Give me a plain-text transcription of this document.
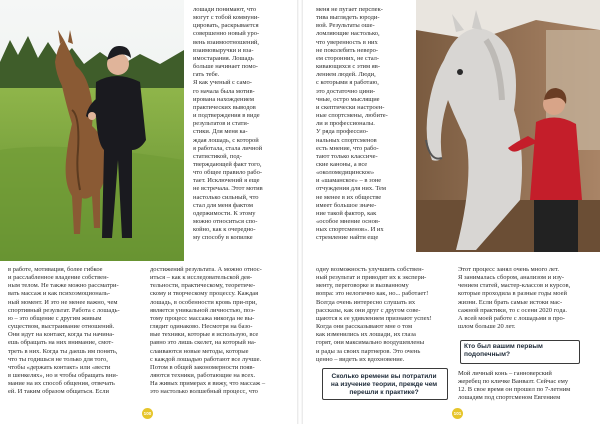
в работе, мотивация, более гибкое
и расслабленное владение собствен-
ным телом. Не также можно рассматри-
вать массаж и как психоэмоциональ-
ный момент. И это не менее важно, чем
спортивный результат. Работа с лошадь-
ю – это общение с другим живым
существом, выстраивание отношений.
Они идут на контакт, когда ты начина-
ешь обращать на них внимание, смот-
треть в них. Когда ты даешь им понять,
что ты годишься не только для того,
чтобы «держать контакт» или «вести
в шенкелях», но и чтобы обращать вни-
мание на их способ общения, отвечать
ей. И таким образом общаться. Если
лошади понимают, что
могут с тобой коммуни-
цировать, раскрывается
совершенно новый уро-
вень взаимоотношений,
взаимовыручки и вза-
имостарания. Лошадь
больше начинает помо-
гать тебе.
Я как ученый с само-
го начала была мотив-
ирована нахождением
практических выводов
и подтверждения в виде
результатов и стати-
стики. Для меня ка-
ждая лошадь, с которой
я работала, стала личной
статистикой, под-
тверждающей факт того,
что общее правило рабо-
тает. Исключений я еще
не встречала. Этот мотив
настолько сильный, что
стал для меня фактом
одержимости. К этому
можно относиться спо-
койно, как к очередно-
му способу в копилке
достижений результата. А можно относ-
иться – как к исследовательской дея-
тельности, практическому, теоретиче-
скому и творческому процессу. Каждая
лошадь, в особенности кровь при-при,
является уникальной личностью, поэ-
тому процесс массажа никогда не вы-
глядит одинаково. Несмотря на базо-
вые техники, которые я использую, все
равно это лишь скелет, на который на-
слаиваются новые методы, которые
с каждой лошадью работают все лучше.
Потом в общей закономерности появ-
ляются техники, работающие на всех.
На живых примерах я вижу, что массаж –
это настолько волшебный процесс, что
100
меня не пугает перспек-
тива выглядеть юроди-
вой. Результаты оше-
ломляющие настолько,
что уверенность в них
не поколебить неверо-
ем сторонних, не стал-
кивающихся с этим яв-
лением людей. Люди,
с которыми я работаю,
это достаточно цини-
чные, остро мыслящие
и скептически настроен-
ные спортсмены, любите-
ли и профессионалы.
У ряда профессио-
нальных спортсменов
есть мнение, что рабо-
тают только классиче-
ские каноны, а все
«околомедицинское»
и «шаманское» – в зоне
отчуждения для них. Тем
не менее в их обществе
имеет большое значе-
ние такой фактор, как
«особое мнение основ-
ных спортсменов». И их
стремление найти еще
одну возможность улучшить собствен-
ный результат и приводит их к экспери-
менту, переговорке и вызванному
вопра: это нелогично как, но... работает!
Всегда очень интересно слушать их
рассказы, как они друг с другом сове-
щаются к ее удивлением признают успех!
Когда они рассказывают мне о том
как изменились их лошади, их глаза
горят, они максимально воодушевлены
и рады за своих партнеров. Это очень
ценно – видеть их вдохновение.
Сколько времени вы потратили
на изучение теории, прежде чем
перешли к практике?
Этот процесс занял очень много лет.
Я занималась сбором, анализом и изу-
чением статей, мастер-классов и курсов,
которые проходила в разные годы моей
жизни. Если брать самые истоки мас-
сажной практики, то с осени 2020 года.
А всей моей работе с лошадьми в про-
шлом больше 20 лет.
Кто был вашим первым
подопечным?
Мой личный конь – ганноверский
жеребец по кличке Ванвазт. Сейчас ему
12. В свое время он прошел по 7-летним
лошадям под спортсменом Евгением
101
